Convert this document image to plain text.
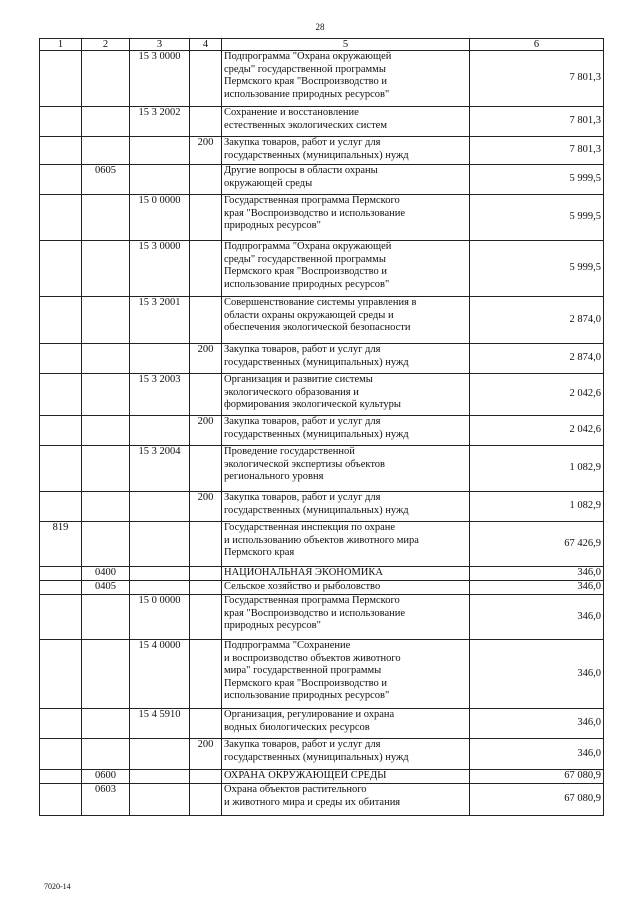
28
1	2	3	4	5	6
		15 3 0000		Подпрограмма "Охрана окружающей
среды" государственной программы
Пермского края "Воспроизводство и
использование природных ресурсов"	7 801,3
		15 3 2002		Сохранение и восстановление
естественных экологических систем	7 801,3
			200	Закупка товаров, работ и услуг для
государственных (муниципальных) нужд	7 801,3
	0605			Другие вопросы в области охраны
окружающей среды	5 999,5
		15 0 0000		Государственная программа Пермского
края "Воспроизводство и использование
природных ресурсов"	5 999,5
		15 3 0000		Подпрограмма "Охрана окружающей
среды" государственной программы
Пермского края "Воспроизводство и
использование природных ресурсов"	5 999,5
		15 3 2001		Совершенствование системы управления в
области охраны окружающей среды и
обеспечения экологической безопасности	2 874,0
			200	Закупка товаров, работ и услуг для
государственных (муниципальных) нужд	2 874,0
		15 3 2003		Организация и развитие системы
экологического образования и
формирования экологической культуры	2 042,6
			200	Закупка товаров, работ и услуг для
государственных (муниципальных) нужд	2 042,6
		15 3 2004		Проведение государственной
экологической экспертизы объектов
регионального уровня	1 082,9
			200	Закупка товаров, работ и услуг для
государственных (муниципальных) нужд	1 082,9
819				Государственная инспекция по охране
и использованию объектов животного мира
Пермского края	67 426,9
	0400			НАЦИОНАЛЬНАЯ ЭКОНОМИКА	346,0
	0405			Сельское хозяйство и рыболовство	346,0
		15 0 0000		Государственная программа Пермского
края "Воспроизводство и использование
природных ресурсов"	346,0
		15 4 0000		Подпрограмма "Сохранение
и воспроизводство объектов животного
мира" государственной программы
Пермского края "Воспроизводство и
использование природных ресурсов"	346,0
		15 4 5910		Организация, регулирование и охрана
водных биологических ресурсов	346,0
			200	Закупка товаров, работ и услуг для
государственных (муниципальных) нужд	346,0
	0600			ОХРАНА ОКРУЖАЮЩЕЙ СРЕДЫ	67 080,9
	0603			Охрана объектов растительного
и животного мира и среды их обитания	67 080,9
7020-14
